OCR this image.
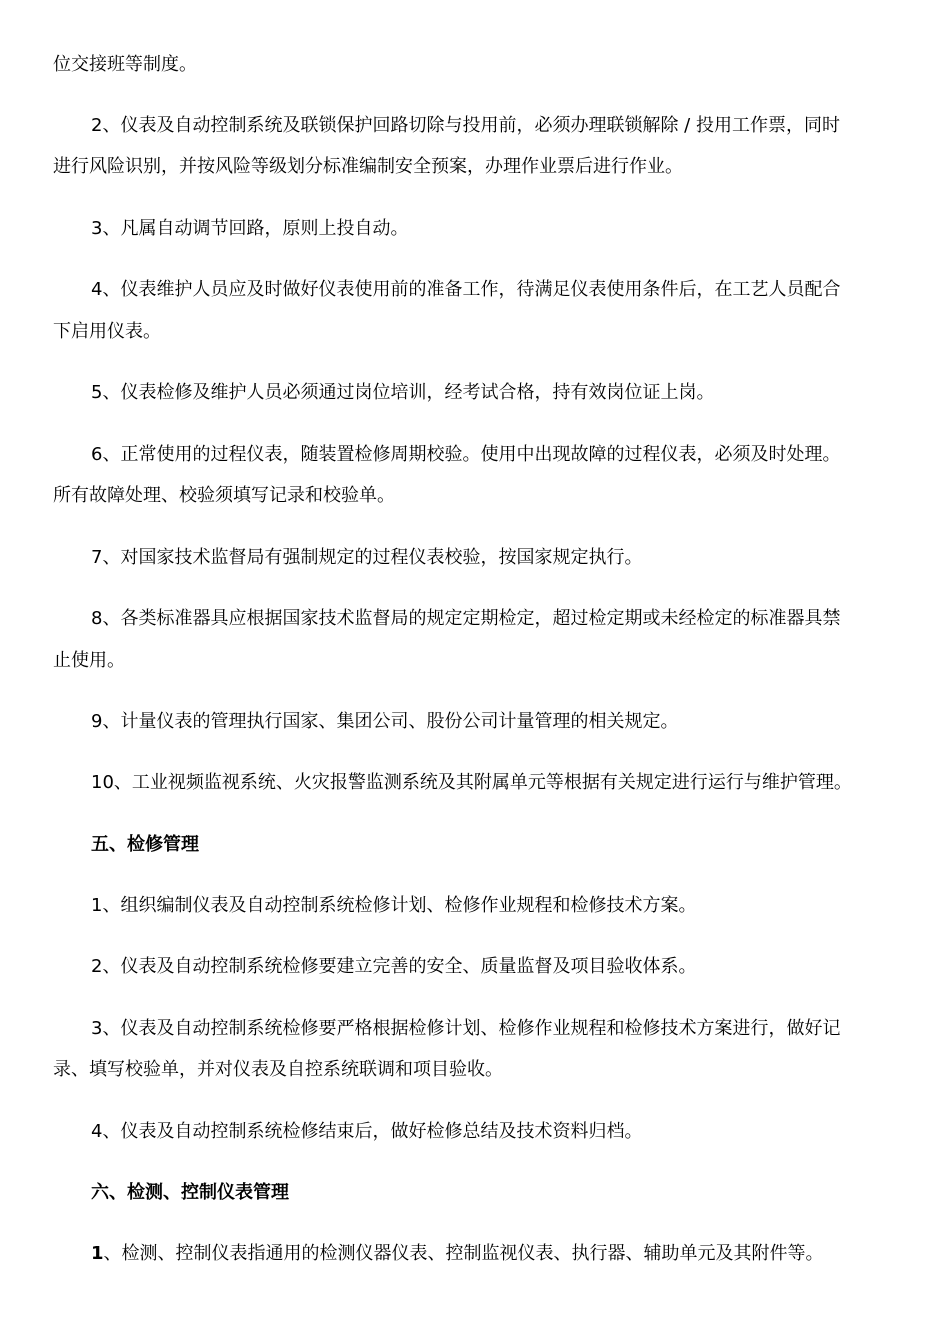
位交接班等制度。
2、仪表及自动控制系统及联锁保护回路切除与投用前，必须办理联锁解除 / 投用工作票，同时
进行风险识别，并按风险等级划分标准编制安全预案，办理作业票后进行作业。
3、凡属自动调节回路，原则上投自动。
4、仪表维护人员应及时做好仪表使用前的准备工作，待满足仪表使用条件后，在工艺人员配合
下启用仪表。
5、仪表检修及维护人员必须通过岗位培训，经考试合格，持有效岗位证上岗。
6、正常使用的过程仪表，随装置检修周期校验。使用中出现故障的过程仪表，必须及时处理。
所有故障处理、校验须填写记录和校验单。
7、对国家技术监督局有强制规定的过程仪表校验，按国家规定执行。
8、各类标准器具应根据国家技术监督局的规定定期检定，超过检定期或未经检定的标准器具禁
止使用。
9、计量仪表的管理执行国家、集团公司、股份公司计量管理的相关规定。
10、工业视频监视系统、火灾报警监测系统及其附属单元等根据有关规定进行运行与维护管理。
五、检修管理
1、组织编制仪表及自动控制系统检修计划、检修作业规程和检修技术方案。
2、仪表及自动控制系统检修要建立完善的安全、质量监督及项目验收体系。
3、仪表及自动控制系统检修要严格根据检修计划、检修作业规程和检修技术方案进行，做好记
录、填写校验单，并对仪表及自控系统联调和项目验收。
4、仪表及自动控制系统检修结束后，做好检修总结及技术资料归档。
六、检测、控制仪表管理
1、检测、控制仪表指通用的检测仪器仪表、控制监视仪表、执行器、辅助单元及其附件等。
